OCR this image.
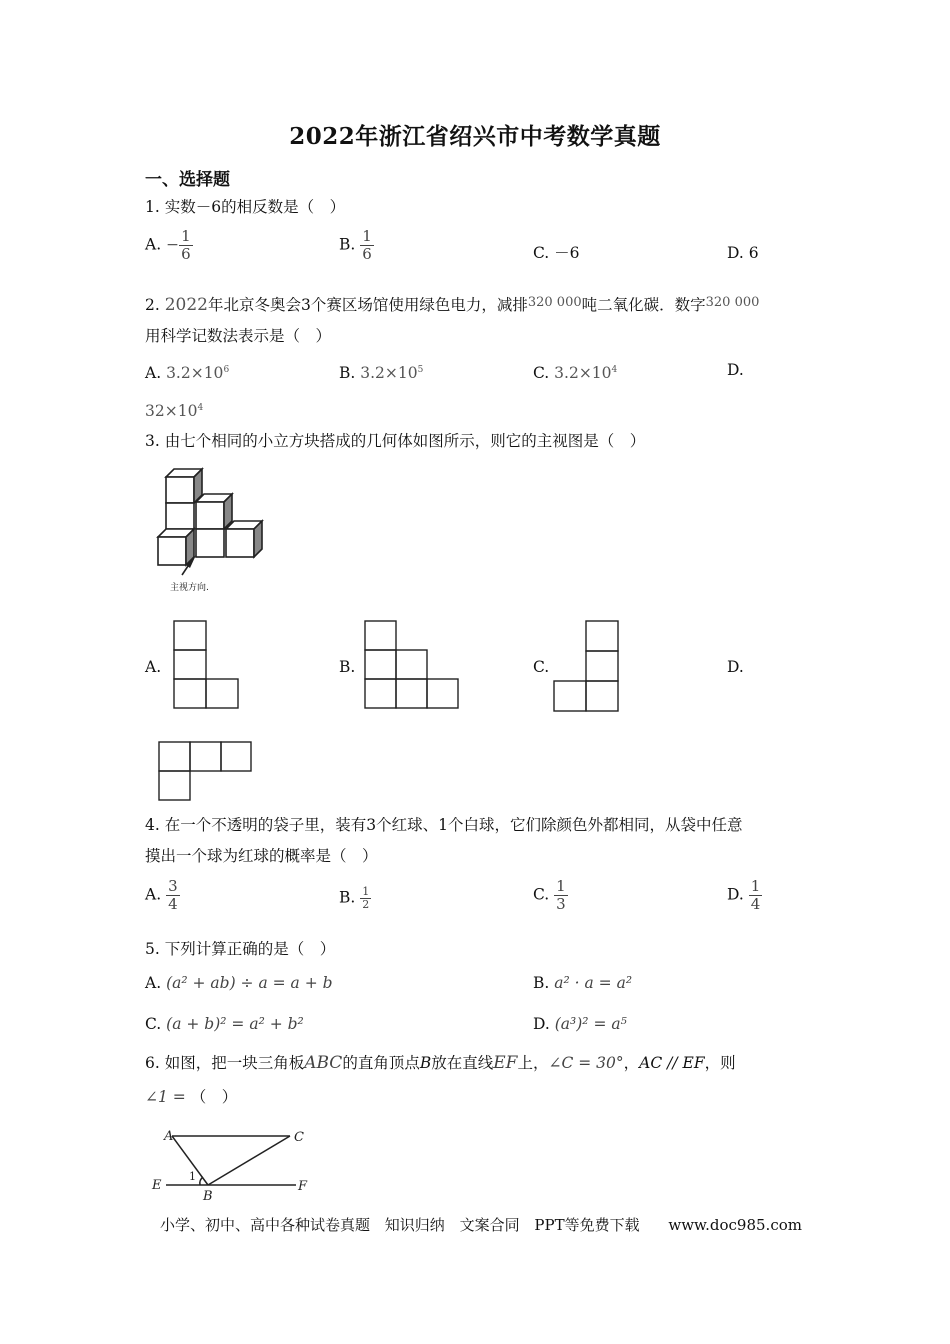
2022年浙江省绍兴市中考数学真题
一、选择题
1. 实数－6的相反数是（　）
A. − $\frac{1}{6}$	B. $\frac{1}{6}$	C. －6	D. 6
2. 2022年北京冬奥会3个赛区场馆使用绿色电力，减排$^{320 000}$吨二氧化碳．数字$^{320 000}$
用科学记数法表示是（　）
A. $3.2\times 10^6$	B. $3.2\times 10^5$	C. $3.2\times 10^4$	D.
$32\times 10^4$
3. 由七个相同的小立方块搭成的几何体如图所示，则它的主视图是（　）
主视方向.
A.	B.	C.	D.
4. 在一个不透明的袋子里，装有3个红球、1个白球，它们除颜色外都相同，从袋中任意
摸出一个球为红球的概率是（　）
A. $\frac{3}{4}$	B. $\frac{1}{2}$	C. $\frac{1}{3}$	D. $\frac{1}{4}$
5. 下列计算正确的是（　）
A. (a² + ab) ÷ a = a + b	B. a² · a = a²
C. (a + b)² = a² + b²	D. (a³)² = a⁵
6. 如图，把一块三角板ABC的直角顶点B放在直线EF上，∠C = 30°，AC // EF，则
∠1 = （　）
A	C
E	F
B
1
小学、初中、高中各种试卷真题 知识归纳 文案合同 PPT等免费下载 www.doc985.com
